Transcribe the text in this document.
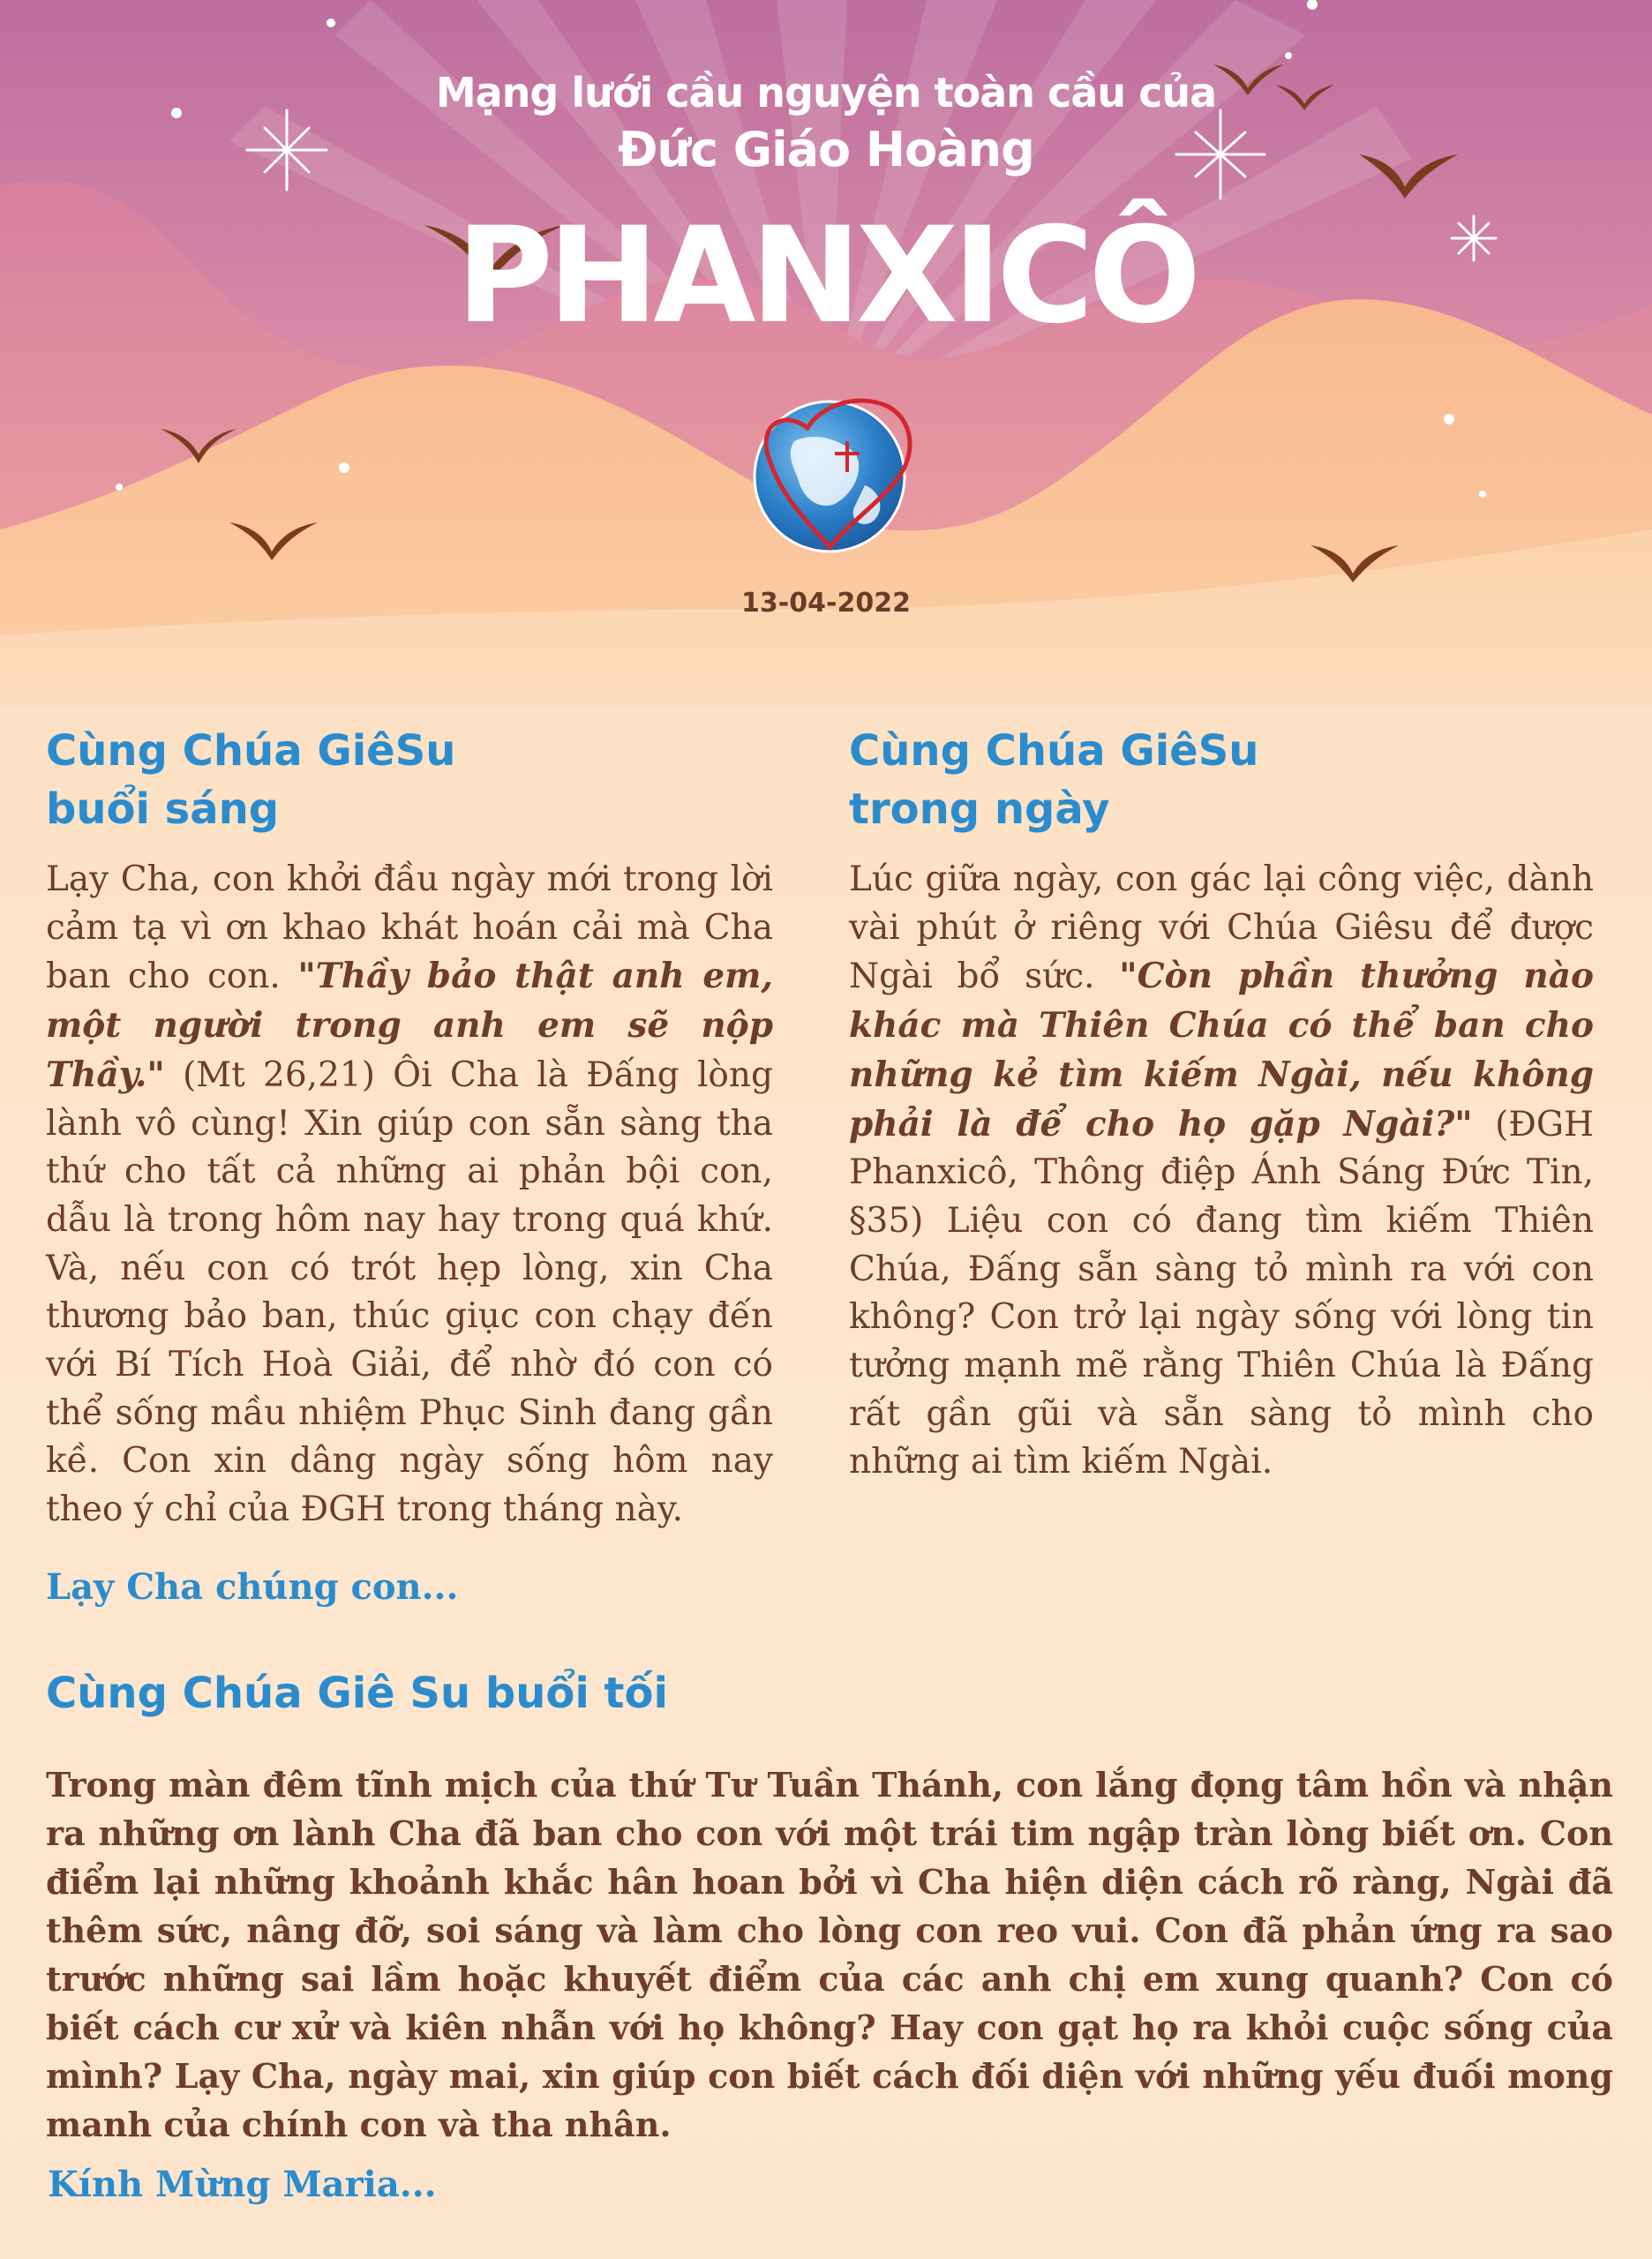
Mạng lưới cầu nguyện toàn cầu của
Đức Giáo Hoàng
PHANXICÔ
13-04-2022
Cùng Chúa GiêSu
buổi sáng
Lạy Cha, con khởi đầu ngày mới trong lời cảm tạ vì ơn khao khát hoán cải mà Cha ban cho con. "Thầy bảo thật anh em, một người trong anh em sẽ nộp Thầy." (Mt 26,21) Ôi Cha là Đấng lòng lành vô cùng! Xin giúp con sẵn sàng tha thứ cho tất cả những ai phản bội con, dẫu là trong hôm nay hay trong quá khứ. Và, nếu con có trót hẹp lòng, xin Cha thương bảo ban, thúc giục con chạy đến với Bí Tích Hoà Giải, để nhờ đó con có thể sống mầu nhiệm Phục Sinh đang gần kề. Con xin dâng ngày sống hôm nay theo ý chỉ của ĐGH trong tháng này.
Lạy Cha chúng con...
Cùng Chúa GiêSu
trong ngày
Lúc giữa ngày, con gác lại công việc, dành vài phút ở riêng với Chúa Giêsu để được Ngài bổ sức. "Còn phần thưởng nào khác mà Thiên Chúa có thể ban cho những kẻ tìm kiếm Ngài, nếu không phải là để cho họ gặp Ngài?" (ĐGH Phanxicô, Thông điệp Ánh Sáng Đức Tin, §35) Liệu con có đang tìm kiếm Thiên Chúa, Đấng sẵn sàng tỏ mình ra với con không? Con trở lại ngày sống với lòng tin tưởng mạnh mẽ rằng Thiên Chúa là Đấng rất gần gũi và sẵn sàng tỏ mình cho những ai tìm kiếm Ngài.
Cùng Chúa Giê Su buổi tối
Trong màn đêm tĩnh mịch của thứ Tư Tuần Thánh, con lắng đọng tâm hồn và nhận ra những ơn lành Cha đã ban cho con với một trái tim ngập tràn lòng biết ơn. Con điểm lại những khoảnh khắc hân hoan bởi vì Cha hiện diện cách rõ ràng, Ngài đã thêm sức, nâng đỡ, soi sáng và làm cho lòng con reo vui. Con đã phản ứng ra sao trước những sai lầm hoặc khuyết điểm của các anh chị em xung quanh? Con có biết cách cư xử và kiên nhẫn với họ không? Hay con gạt họ ra khỏi cuộc sống của mình? Lạy Cha, ngày mai, xin giúp con biết cách đối diện với những yếu đuối mong manh của chính con và tha nhân.
Kính Mừng Maria...
